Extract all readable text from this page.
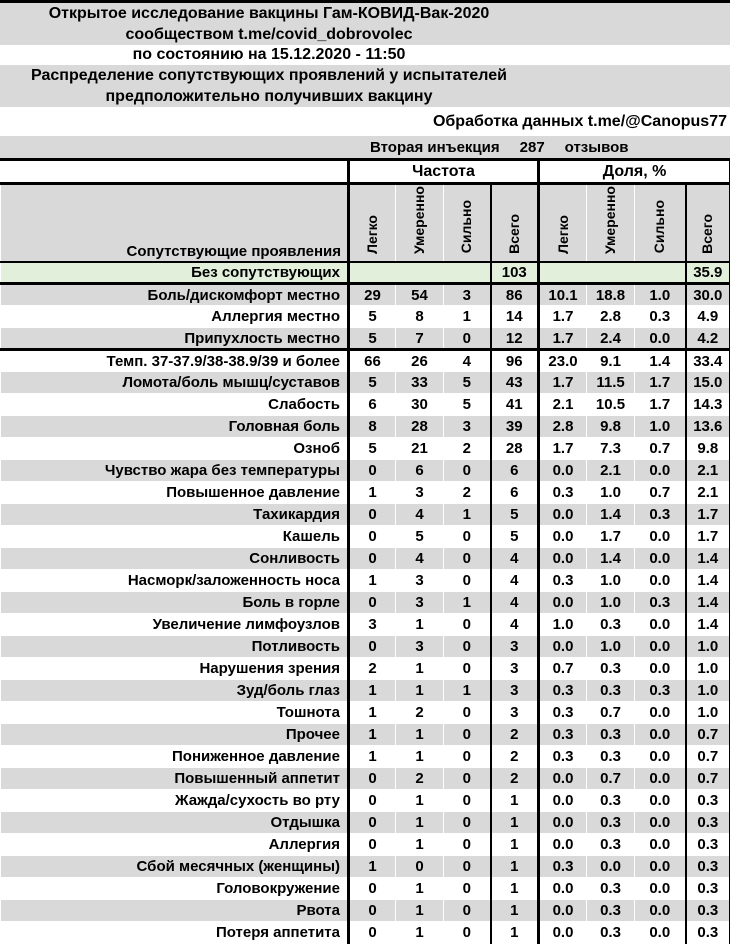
Открытое исследование вакцины Гам-КОВИД-Вак-2020
сообществом t.me/covid_dobrovolec
по состоянию на 15.12.2020 - 11:50
Распределение сопутствующих проявлений у испытателей
предположительно получивших вакцину
Обработка данных t.me/@Canopus77
Вторая инъекция 287 отзывов
	Частота				Доля, %			
Сопутствующие проявления	Легко	Умеренно	Сильно	Всего	Легко	Умеренно	Сильно	Всего
Без сопутствующих				103				35.9
Боль/дискомфорт местно	29	54	3	86	10.1	18.8	1.0	30.0
Аллергия местно	5	8	1	14	1.7	2.8	0.3	4.9
Припухлость местно	5	7	0	12	1.7	2.4	0.0	4.2
Темп. 37-37.9/38-38.9/39 и более	66	26	4	96	23.0	9.1	1.4	33.4
Ломота/боль мышц/суставов	5	33	5	43	1.7	11.5	1.7	15.0
Слабость	6	30	5	41	2.1	10.5	1.7	14.3
Головная боль	8	28	3	39	2.8	9.8	1.0	13.6
Озноб	5	21	2	28	1.7	7.3	0.7	9.8
Чувство жара без температуры	0	6	0	6	0.0	2.1	0.0	2.1
Повышенное давление	1	3	2	6	0.3	1.0	0.7	2.1
Тахикардия	0	4	1	5	0.0	1.4	0.3	1.7
Кашель	0	5	0	5	0.0	1.7	0.0	1.7
Сонливость	0	4	0	4	0.0	1.4	0.0	1.4
Насморк/заложенность носа	1	3	0	4	0.3	1.0	0.0	1.4
Боль в горле	0	3	1	4	0.0	1.0	0.3	1.4
Увеличение лимфоузлов	3	1	0	4	1.0	0.3	0.0	1.4
Потливость	0	3	0	3	0.0	1.0	0.0	1.0
Нарушения зрения	2	1	0	3	0.7	0.3	0.0	1.0
Зуд/боль глаз	1	1	1	3	0.3	0.3	0.3	1.0
Тошнота	1	2	0	3	0.3	0.7	0.0	1.0
Прочее	1	1	0	2	0.3	0.3	0.0	0.7
Пониженное давление	1	1	0	2	0.3	0.3	0.0	0.7
Повышенный аппетит	0	2	0	2	0.0	0.7	0.0	0.7
Жажда/сухость во рту	0	1	0	1	0.0	0.3	0.0	0.3
Отдышка	0	1	0	1	0.0	0.3	0.0	0.3
Аллергия	0	1	0	1	0.0	0.3	0.0	0.3
Сбой месячных (женщины)	1	0	0	1	0.3	0.0	0.0	0.3
Головокружение	0	1	0	1	0.0	0.3	0.0	0.3
Рвота	0	1	0	1	0.0	0.3	0.0	0.3
Потеря аппетита	0	1	0	1	0.0	0.3	0.0	0.3
